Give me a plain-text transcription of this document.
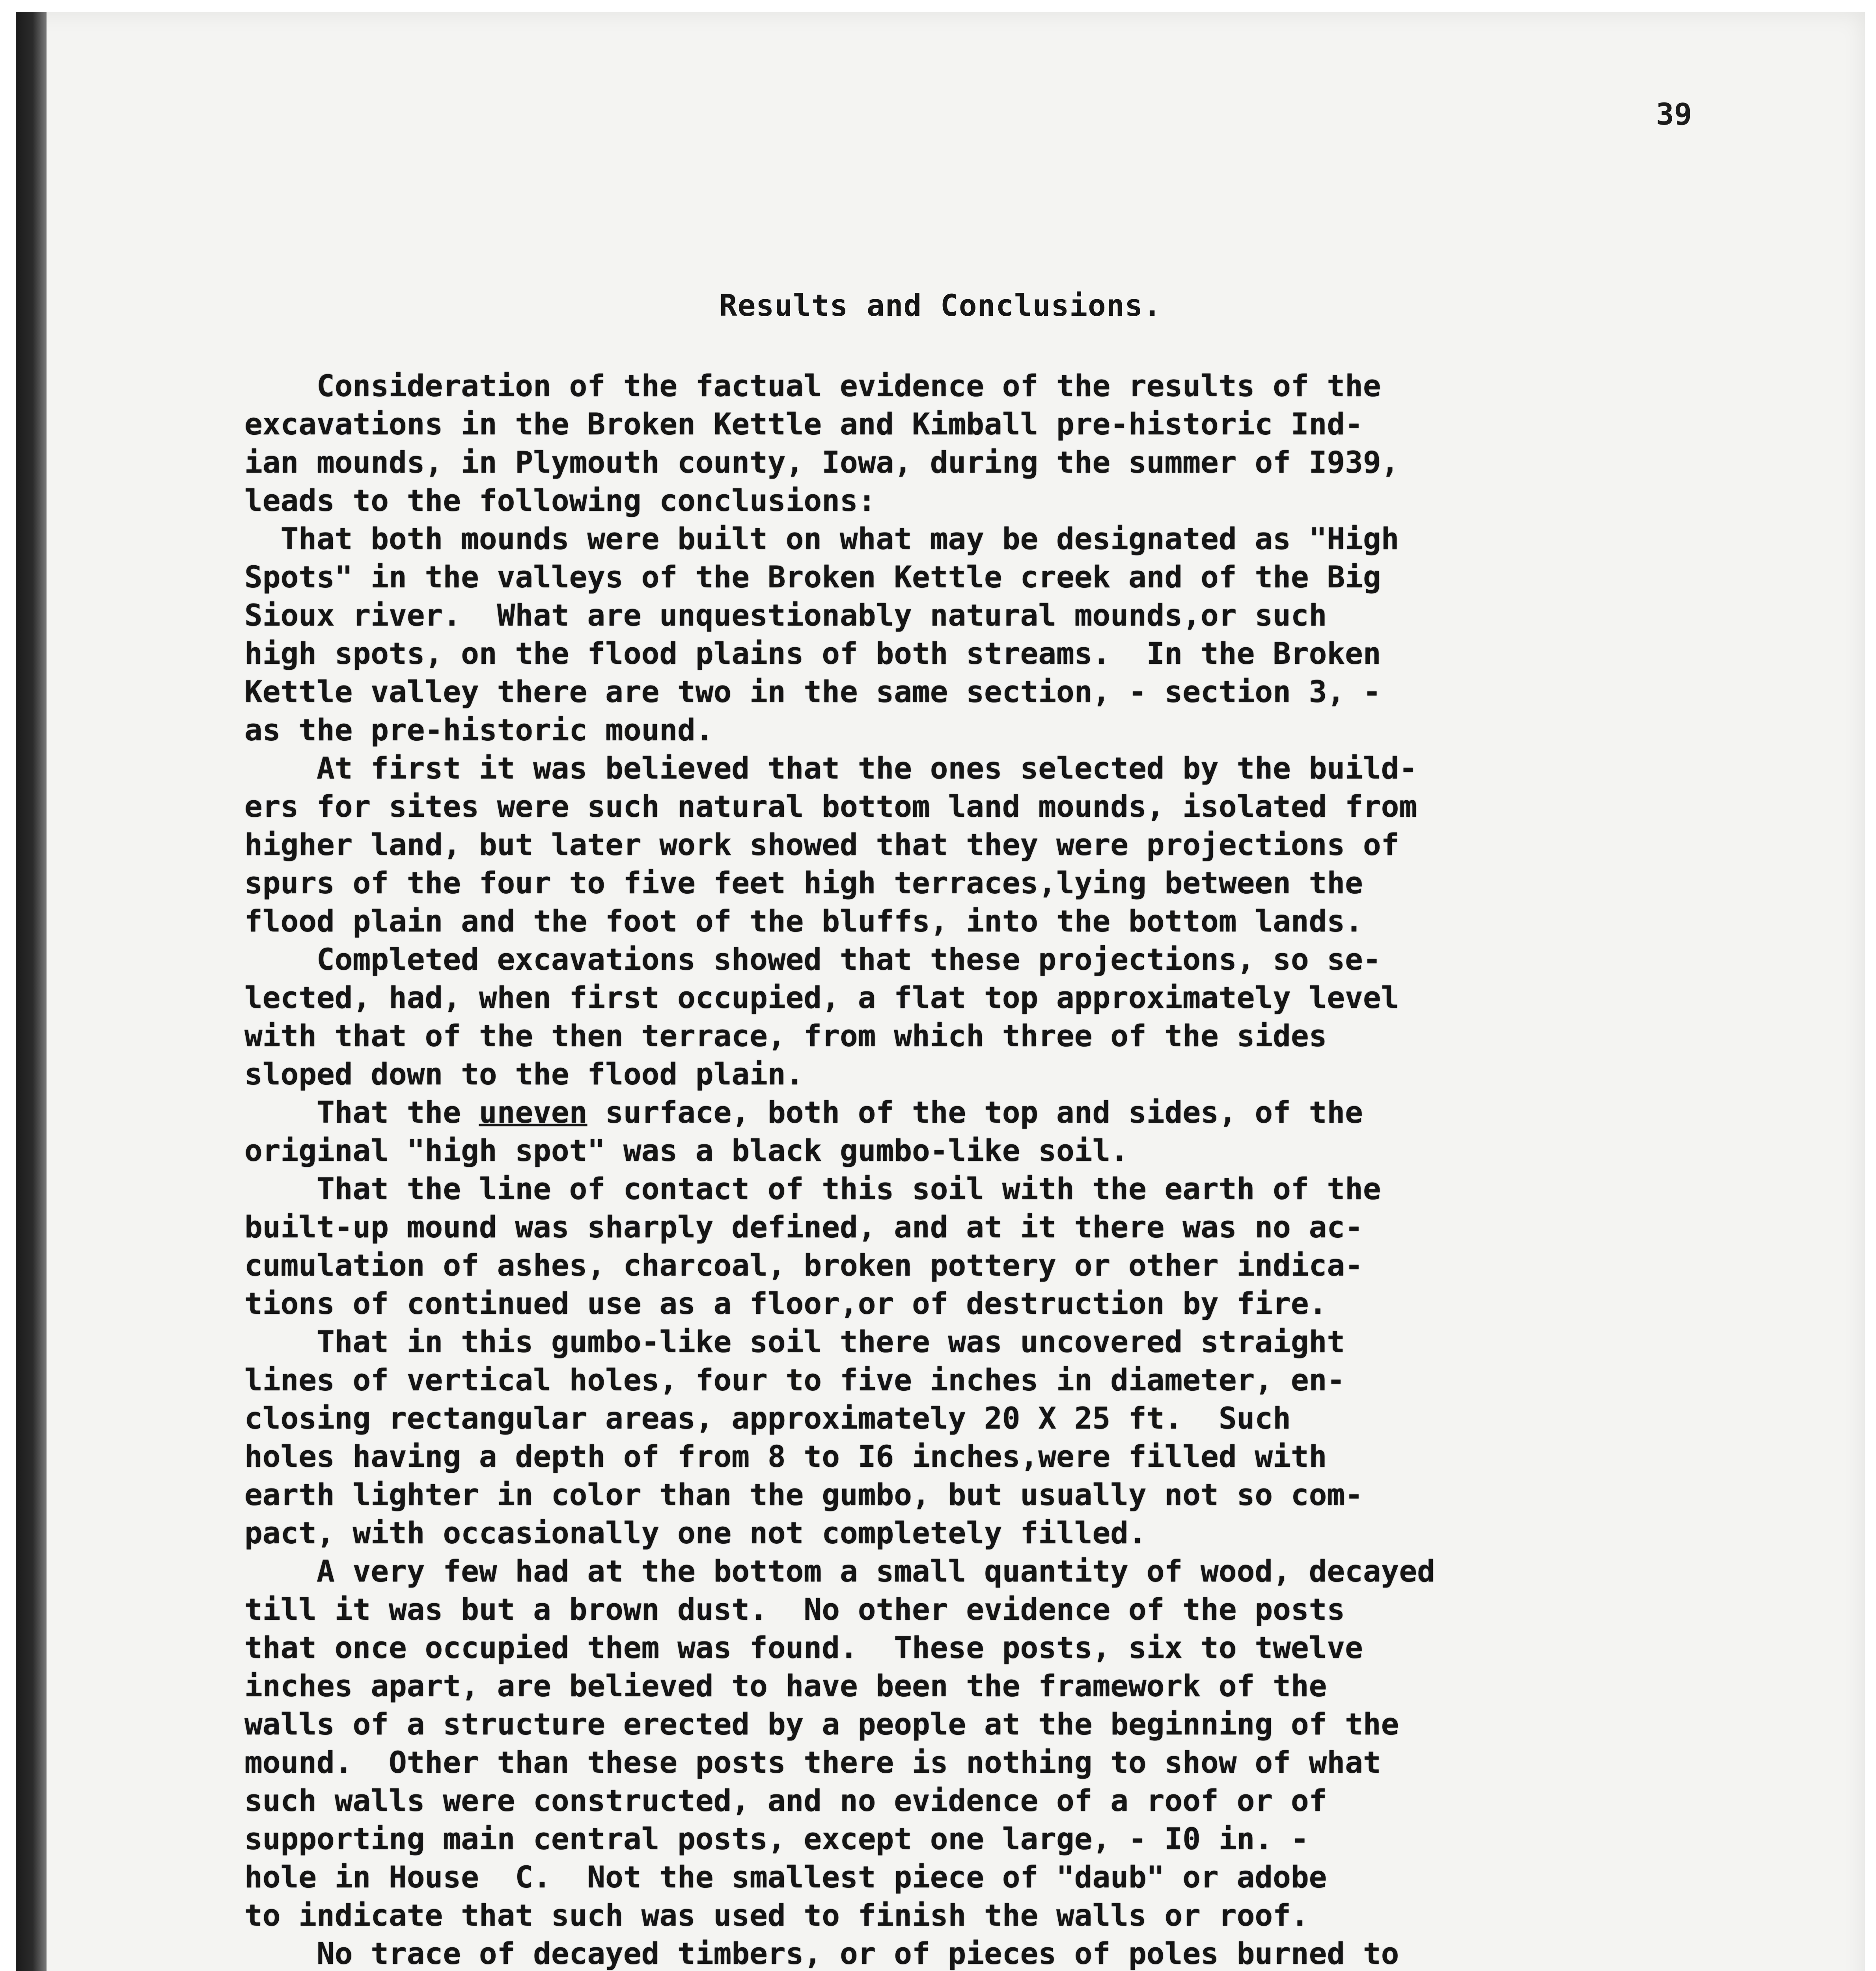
39
Results and Conclusions.
Consideration of the factual evidence of the results of the
excavations in the Broken Kettle and Kimball pre-historic Ind-
ian mounds, in Plymouth county, Iowa, during the summer of I939,
leads to the following conclusions:
That both mounds were built on what may be designated as "High
Spots" in the valleys of the Broken Kettle creek and of the Big
Sioux river.  What are unquestionably natural mounds,or such
high spots, on the flood plains of both streams.  In the Broken
Kettle valley there are two in the same section, - section 3, -
as the pre-historic mound.
At first it was believed that the ones selected by the build-
ers for sites were such natural bottom land mounds, isolated from
higher land, but later work showed that they were projections of
spurs of the four to five feet high terraces,lying between the
flood plain and the foot of the bluffs, into the bottom lands.
Completed excavations showed that these projections, so se-
lected, had, when first occupied, a flat top approximately level
with that of the then terrace, from which three of the sides
sloped down to the flood plain.
That the uneven surface, both of the top and sides, of the
original "high spot" was a black gumbo-like soil.
That the line of contact of this soil with the earth of the
built-up mound was sharply defined, and at it there was no ac-
cumulation of ashes, charcoal, broken pottery or other indica-
tions of continued use as a floor,or of destruction by fire.
That in this gumbo-like soil there was uncovered straight
lines of vertical holes, four to five inches in diameter, en-
closing rectangular areas, approximately 20 X 25 ft.  Such
holes having a depth of from 8 to I6 inches,were filled with
earth lighter in color than the gumbo, but usually not so com-
pact, with occasionally one not completely filled.
A very few had at the bottom a small quantity of wood, decayed
till it was but a brown dust.  No other evidence of the posts
that once occupied them was found.  These posts, six to twelve
inches apart, are believed to have been the framework of the
walls of a structure erected by a people at the beginning of the
mound.  Other than these posts there is nothing to show of what
such walls were constructed, and no evidence of a roof or of
supporting main central posts, except one large, - I0 in. -
hole in House  C.  Not the smallest piece of "daub" or adobe
to indicate that such was used to finish the walls or roof.
No trace of decayed timbers, or of pieces of poles burned to
